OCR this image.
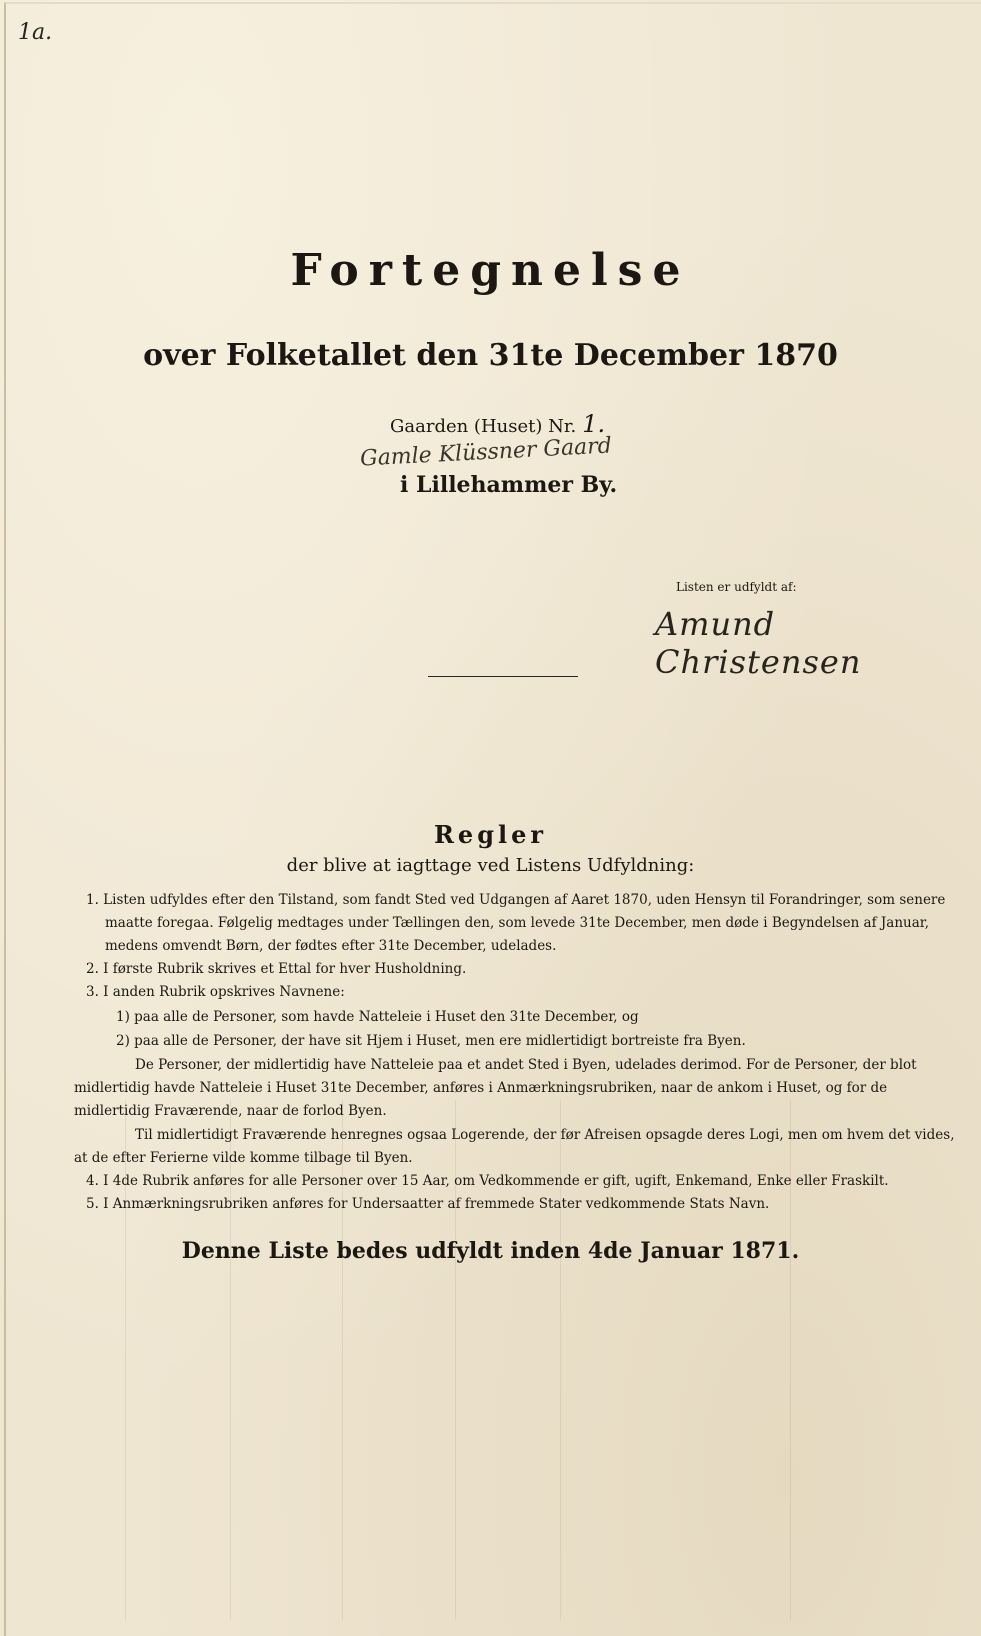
1a.
Fortegnelse
over Folketallet den 31te December 1870
Gaarden (Huset) Nr. 1.
Gamle Klüssner Gaard
i Lillehammer By.
Listen er udfyldt af:
Amund Christensen
Regler
der blive at iagttage ved Listens Udfyldning:
1. Listen udfyldes efter den Tilstand, som fandt Sted ved Udgangen af Aaret 1870, uden Hensyn til Forandringer, som senere
maatte foregaa. Følgelig medtages under Tællingen den, som levede 31te December, men døde i Begyndelsen af Januar,
medens omvendt Børn, der fødtes efter 31te December, udelades.
2. I første Rubrik skrives et Ettal for hver Husholdning.
3. I anden Rubrik opskrives Navnene:
1) paa alle de Personer, som havde Natteleie i Huset den 31te December, og
2) paa alle de Personer, der have sit Hjem i Huset, men ere midlertidigt bortreiste fra Byen.
De Personer, der midlertidig have Natteleie paa et andet Sted i Byen, udelades derimod. For de Personer, der blot
midlertidig havde Natteleie i Huset 31te December, anføres i Anmærkningsrubriken, naar de ankom i Huset, og for de
midlertidig Fraværende, naar de forlod Byen.
Til midlertidigt Fraværende henregnes ogsaa Logerende, der før Afreisen opsagde deres Logi, men om hvem det vides,
at de efter Ferierne vilde komme tilbage til Byen.
4. I 4de Rubrik anføres for alle Personer over 15 Aar, om Vedkommende er gift, ugift, Enkemand, Enke eller Fraskilt.
5. I Anmærkningsrubriken anføres for Undersaatter af fremmede Stater vedkommende Stats Navn.
Denne Liste bedes udfyldt inden 4de Januar 1871.
